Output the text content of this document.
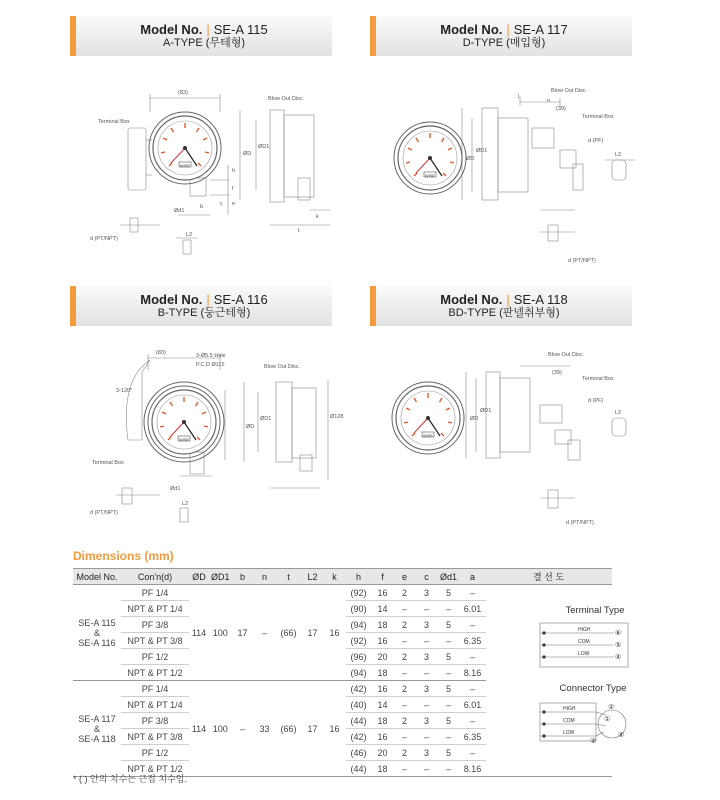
Model No. | SE-A 115
A-TYPE (무테형)
Model No. | SE-A 117
D-TYPE (매입형)
Model No. | SE-A 116
B-TYPE (둥근테형)
Model No. | SE-A 118
BD-TYPE (판넬취부형)
WISE
WISE
WISE
WISE
Terminal Box
(83)
Blow Out Disc.
d (PT/NPT)
ØD
ØD1
Ød1
L2
h
f
e
c
b
t
k
Blow Out Disc.
(39)
Terminal Box
d (PF)
d (PT/NPT)
ØD
ØD1
L2
L
n
3-Ø5.5 Hole
P.C.D Ø115
(83)
Blow Out Disc.
Terminal Box
d (PT/NPT)
Ø128
ØD
ØD1
Ød1
L2
3-120°
Blow Out Disc.
(39)
Terminal Box
d (PF)
d (PT/NPT)
ØD
ØD1	L2
Dimensions (mm)
Model No.	Con'n(d)	ØD	ØD1	b	n	t	L2	k	h	f	e	c	Ød1	a	결 선 도

SE-A 115
&
SE-A 116	PF 1/4	114	100	17	–	(66)	17	16	(92)	16	2	3	5	–	
	NPT & PT 1/4								(90)	14	–	–	–	6.01	
	PF 3/8								(94)	18	2	3	5	–	
	NPT & PT 3/8								(92)	16	–	–	–	6.35	
	PF 1/2								(96)	20	2	3	5	–	
	NPT & PT 1/2								(94)	18	–	–	–	8.16	

SE-A 117
&
SE-A 118	PF 1/4	114	100	–	33	(66)	17	16	(42)	16	2	3	5	–	
	NPT & PT 1/4								(40)	14	–	–	–	6.01	
	PF 3/8								(44)	18	2	3	5	–	
	NPT & PT 3/8								(42)	16	–	–	–	6.35	
	PF 1/2								(46)	20	2	3	5	–	
	NPT & PT 1/2								(44)	18	–	–	–	8.16	
Terminal Type
HIGH
COM
LOW
⑥
⑤
④
Connector Type
HIGH
COM
LOW
②
①
③
④
* ( ) 안의 치수는 근접 치수임.
